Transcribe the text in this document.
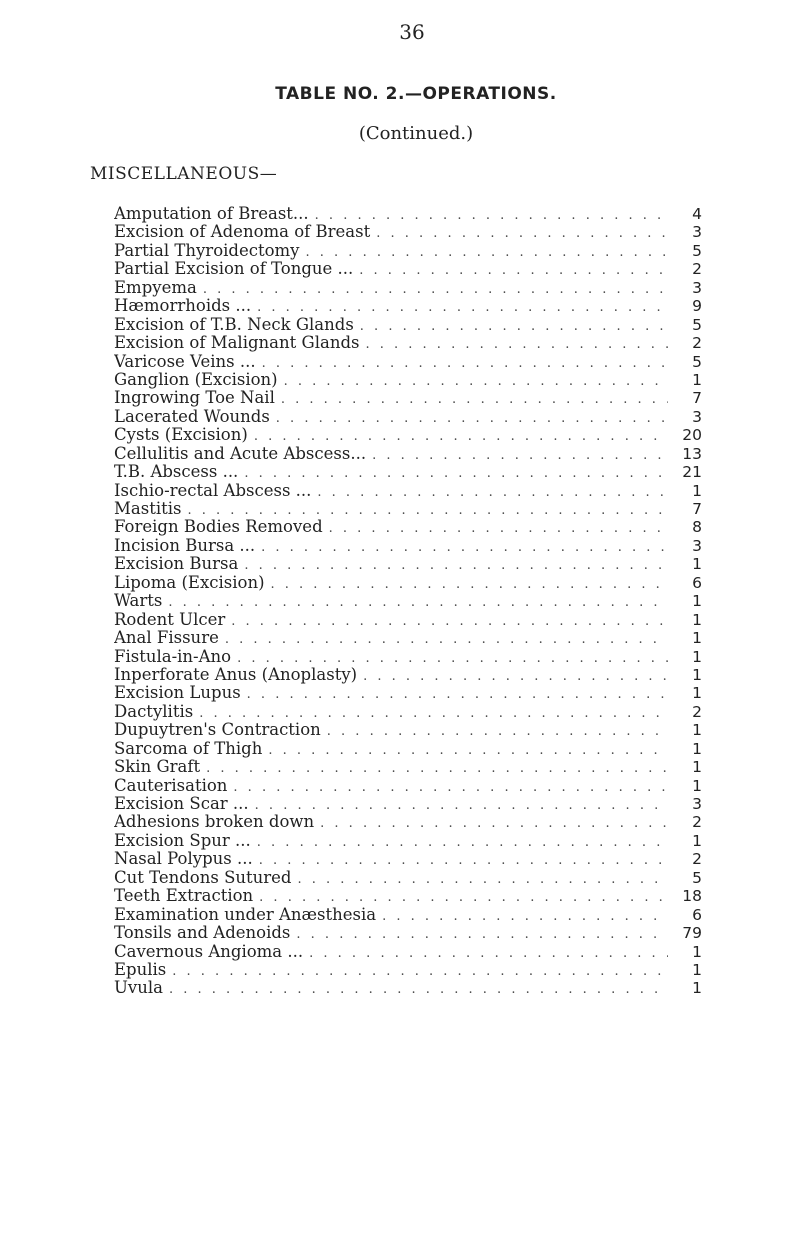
36
TABLE NO. 2.—OPERATIONS.
(Continued.)
MISCELLANEOUS—
Amputation of Breast... . . .	4
Excision of Adenoma of Breast . . .	3
Partial Thyroidectomy . . .	5
Partial Excision of Tongue ... . . .	2
Empyema . . .	3
Hæmorrhoids ... . . .	9
Excision of T.B. Neck Glands . . .	5
Excision of Malignant Glands . . .	2
Varicose Veins ... . . .	5
Ganglion (Excision) . . .	1
Ingrowing Toe Nail . . .	7
Lacerated Wounds . . .	3
Cysts (Excision) . . .	20
Cellulitis and Acute Abscess... . . .	13
T.B. Abscess ... . . .	21
Ischio-rectal Abscess ... . . .	1
Mastitis . . .	7
Foreign Bodies Removed . . .	8
Incision Bursa ... . . .	3
Excision Bursa . . .	1
Lipoma (Excision) . . .	6
Warts . . .	1
Rodent Ulcer . . .	1
Anal Fissure . . .	1
Fistula-in-Ano . . .	1
Inperforate Anus (Anoplasty) . . .	1
Excision Lupus . . .	1
Dactylitis . . .	2
Dupuytren's Contraction . . .	1
Sarcoma of Thigh . . .	1
Skin Graft . . .	1
Cauterisation . . .	1
Excision Scar ... . . .	3
Adhesions broken down . . .	2
Excision Spur ... . . .	1
Nasal Polypus ... . . .	2
Cut Tendons Sutured . . .	5
Teeth Extraction . . .	18
Examination under Anæsthesia . . .	6
Tonsils and Adenoids . . .	79
Cavernous Angioma ... . . .	1
Epulis . . .	1
Uvula . . .	1
